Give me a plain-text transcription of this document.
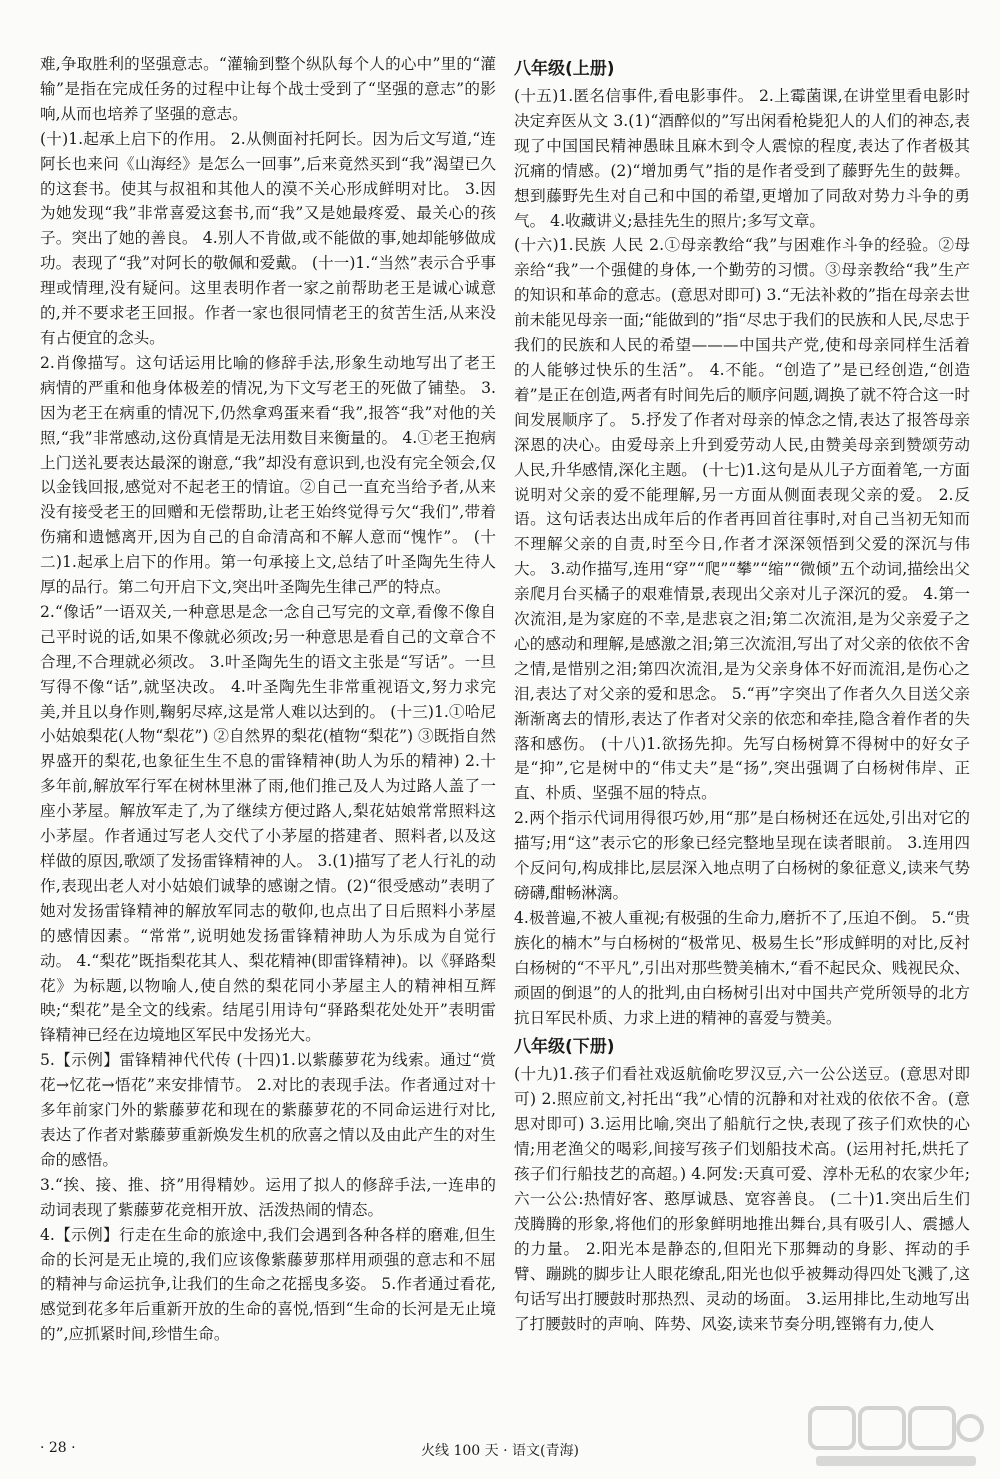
难,争取胜利的坚强意志。“灌输到整个纵队每个人的心中”里的“灌输”是指在完成任务的过程中让每个战士受到了“坚强的意志”的影响,从而也培养了坚强的意志。

(十)1.起承上启下的作用。 2.从侧面衬托阿长。因为后文写道,“连阿长也来问《山海经》是怎么一回事”,后来竟然买到“我”渴望已久的这套书。使其与叔祖和其他人的漠不关心形成鲜明对比。 3.因为她发现“我”非常喜爱这套书,而“我”又是她最疼爱、最关心的孩子。突出了她的善良。 4.别人不肯做,或不能做的事,她却能够做成功。表现了“我”对阿长的敬佩和爱戴。 (十一)1.“当然”表示合乎事理或情理,没有疑问。这里表明作者一家之前帮助老王是诚心诚意的,并不要求老王回报。作者一家也很同情老王的贫苦生活,从来没有占便宜的念头。

2.肖像描写。这句话运用比喻的修辞手法,形象生动地写出了老王病情的严重和他身体极差的情况,为下文写老王的死做了铺垫。 3.因为老王在病重的情况下,仍然拿鸡蛋来看“我”,报答“我”对他的关照,“我”非常感动,这份真情是无法用数目来衡量的。 4.①老王抱病上门送礼要表达最深的谢意,“我”却没有意识到,也没有完全领会,仅以金钱回报,感觉对不起老王的情谊。②自己一直充当给予者,从来没有接受老王的回赠和无偿帮助,让老王始终觉得亏欠“我们”,带着伤痛和遗憾离开,因为自己的自命清高和不解人意而“愧怍”。 (十二)1.起承上启下的作用。第一句承接上文,总结了叶圣陶先生待人厚的品行。第二句开启下文,突出叶圣陶先生律己严的特点。

2.“像话”一语双关,一种意思是念一念自己写完的文章,看像不像自己平时说的话,如果不像就必须改;另一种意思是看自己的文章合不合理,不合理就必须改。 3.叶圣陶先生的语文主张是“写话”。一旦写得不像“话”,就坚决改。 4.叶圣陶先生非常重视语文,努力求完美,并且以身作则,鞠躬尽瘁,这是常人难以达到的。 (十三)1.①哈尼小姑娘梨花(人物“梨花”) ②自然界的梨花(植物“梨花”) ③既指自然界盛开的梨花,也象征生生不息的雷锋精神(助人为乐的精神) 2.十多年前,解放军行军在树林里淋了雨,他们推己及人为过路人盖了一座小茅屋。解放军走了,为了继续方便过路人,梨花姑娘常常照料这小茅屋。作者通过写老人交代了小茅屋的搭建者、照料者,以及这样做的原因,歌颂了发扬雷锋精神的人。 3.(1)描写了老人行礼的动作,表现出老人对小姑娘们诚挚的感谢之情。(2)“很受感动”表明了她对发扬雷锋精神的解放军同志的敬仰,也点出了日后照料小茅屋的感情因素。“常常”,说明她发扬雷锋精神助人为乐成为自觉行动。 4.“梨花”既指梨花其人、梨花精神(即雷锋精神)。以《驿路梨花》为标题,以物喻人,使自然的梨花同小茅屋主人的精神相互辉映;“梨花”是全文的线索。结尾引用诗句“驿路梨花处处开”表明雷锋精神已经在边境地区军民中发扬光大。

5.【示例】雷锋精神代代传 (十四)1.以紫藤萝花为线索。通过“赏花→忆花→悟花”来安排情节。 2.对比的表现手法。作者通过对十多年前家门外的紫藤萝花和现在的紫藤萝花的不同命运进行对比,表达了作者对紫藤萝重新焕发生机的欣喜之情以及由此产生的对生命的感悟。

3.“挨、接、推、挤”用得精妙。运用了拟人的修辞手法,一连串的动词表现了紫藤萝花竞相开放、活泼热闹的情态。

4.【示例】行走在生命的旅途中,我们会遇到各种各样的磨难,但生命的长河是无止境的,我们应该像紫藤萝那样用顽强的意志和不屈的精神与命运抗争,让我们的生命之花摇曳多姿。 5.作者通过看花,感觉到花多年后重新开放的生命的喜悦,悟到“生命的长河是无止境的”,应抓紧时间,珍惜生命。

八年级(上册)

(十五)1.匿名信事件,看电影事件。 2.上霉菌课,在讲堂里看电影时 决定弃医从文 3.(1)“酒醉似的”写出闲看枪毙犯人的人们的神态,表现了中国国民精神愚昧且麻木到令人震惊的程度,表达了作者极其沉痛的情感。(2)“增加勇气”指的是作者受到了藤野先生的鼓舞。想到藤野先生对自己和中国的希望,更增加了同敌对势力斗争的勇气。 4.收藏讲义;悬挂先生的照片;多写文章。

(十六)1.民族 人民 2.①母亲教给“我”与困难作斗争的经验。②母亲给“我”一个强健的身体,一个勤劳的习惯。③母亲教给“我”生产的知识和革命的意志。(意思对即可) 3.“无法补救的”指在母亲去世前未能见母亲一面;“能做到的”指“尽忠于我们的民族和人民,尽忠于我们的民族和人民的希望———中国共产党,使和母亲同样生活着的人能够过快乐的生活”。 4.不能。“创造了”是已经创造,“创造着”是正在创造,两者有时间先后的顺序问题,调换了就不符合这一时间发展顺序了。 5.抒发了作者对母亲的悼念之情,表达了报答母亲深恩的决心。由爱母亲上升到爱劳动人民,由赞美母亲到赞颂劳动人民,升华感情,深化主题。 (十七)1.这句是从儿子方面着笔,一方面说明对父亲的爱不能理解,另一方面从侧面表现父亲的爱。 2.反语。这句话表达出成年后的作者再回首往事时,对自己当初无知而不理解父亲的自责,时至今日,作者才深深领悟到父爱的深沉与伟大。 3.动作描写,连用“穿”“爬”“攀”“缩”“微倾”五个动词,描绘出父亲爬月台买橘子的艰难情景,表现出父亲对儿子深沉的爱。 4.第一次流泪,是为家庭的不幸,是悲哀之泪;第二次流泪,是为父亲爱子之心的感动和理解,是感激之泪;第三次流泪,写出了对父亲的依依不舍之情,是惜别之泪;第四次流泪,是为父亲身体不好而流泪,是伤心之泪,表达了对父亲的爱和思念。 5.“再”字突出了作者久久目送父亲渐渐离去的情形,表达了作者对父亲的依恋和牵挂,隐含着作者的失落和感伤。 (十八)1.欲扬先抑。先写白杨树算不得树中的好女子是“抑”,它是树中的“伟丈夫”是“扬”,突出强调了白杨树伟岸、正直、朴质、坚强不屈的特点。

2.两个指示代词用得很巧妙,用“那”是白杨树还在远处,引出对它的描写;用“这”表示它的形象已经完整地呈现在读者眼前。 3.连用四个反问句,构成排比,层层深入地点明了白杨树的象征意义,读来气势磅礴,酣畅淋漓。

4.极普遍,不被人重视;有极强的生命力,磨折不了,压迫不倒。 5.“贵族化的楠木”与白杨树的“极常见、极易生长”形成鲜明的对比,反衬白杨树的“不平凡”,引出对那些赞美楠木,“看不起民众、贱视民众、顽固的倒退”的人的批判,由白杨树引出对中国共产党所领导的北方抗日军民朴质、力求上进的精神的喜爱与赞美。

八年级(下册)

(十九)1.孩子们看社戏返航偷吃罗汉豆,六一公公送豆。(意思对即可) 2.照应前文,衬托出“我”心情的沉静和对社戏的依依不舍。(意思对即可) 3.运用比喻,突出了船航行之快,表现了孩子们欢快的心情;用老渔父的喝彩,间接写孩子们划船技术高。(运用衬托,烘托了孩子们行船技艺的高超。) 4.阿发:天真可爱、淳朴无私的农家少年;六一公公:热情好客、憨厚诚恳、宽容善良。 (二十)1.突出后生们茂腾腾的形象,将他们的形象鲜明地推出舞台,具有吸引人、震撼人的力量。 2.阳光本是静态的,但阳光下那舞动的身影、挥动的手臂、蹦跳的脚步让人眼花缭乱,阳光也似乎被舞动得四处飞溅了,这句话写出打腰鼓时那热烈、灵动的场面。 3.运用排比,生动地写出了打腰鼓时的声响、阵势、风姿,读来节奏分明,铿锵有力,使人

· 28 ·	火线 100 天 · 语文(青海)
